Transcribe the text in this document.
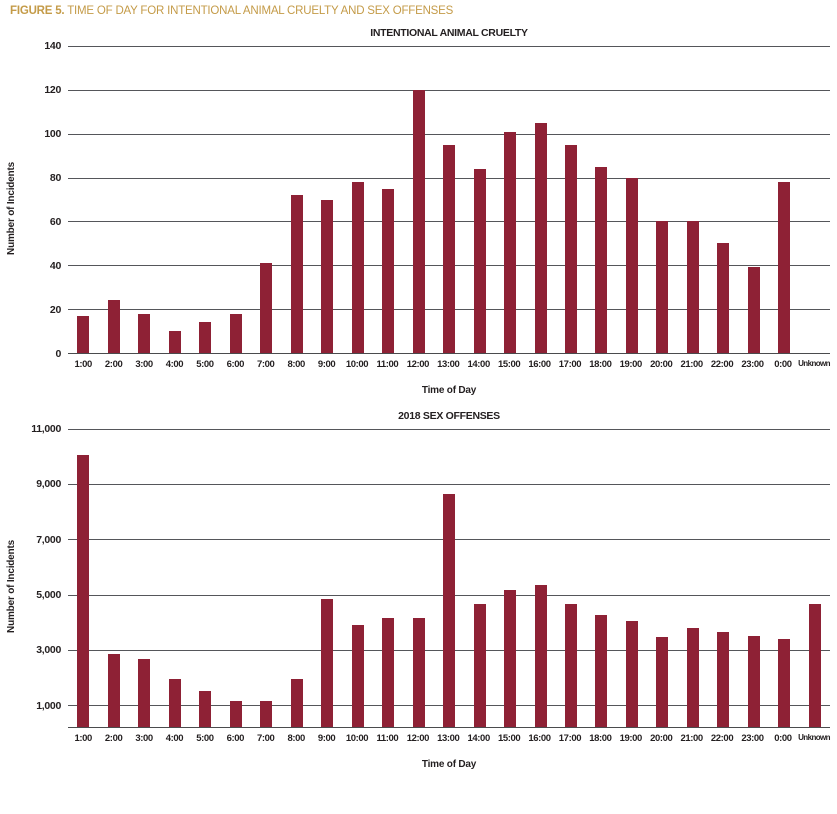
FIGURE 5. TIME OF DAY FOR INTENTIONAL ANIMAL CRUELTY AND SEX OFFENSES
INTENTIONAL ANIMAL CRUELTY
Number of Incidents
0
20
40
60
80
100
120
140
1:00	2:00	3:00	4:00	5:00	6:00	7:00	8:00	9:00	10:00 11:00 12:00 13:00 14:00 15:00 16:00 17:00 18:00 19:00 20:00 21:00 22:00 23:00	0:00 Unknown
Time of Day
2018 SEX OFFENSES
Number of Incidents
1,000
3,000
5,000
7,000
9,000
11,000
1:00	2:00	3:00	4:00	5:00	6:00	7:00	8:00	9:00	10:00 11:00 12:00 13:00 14:00 15:00 16:00 17:00 18:00 19:00 20:00 21:00 22:00 23:00	0:00 Unknown
Time of Day
